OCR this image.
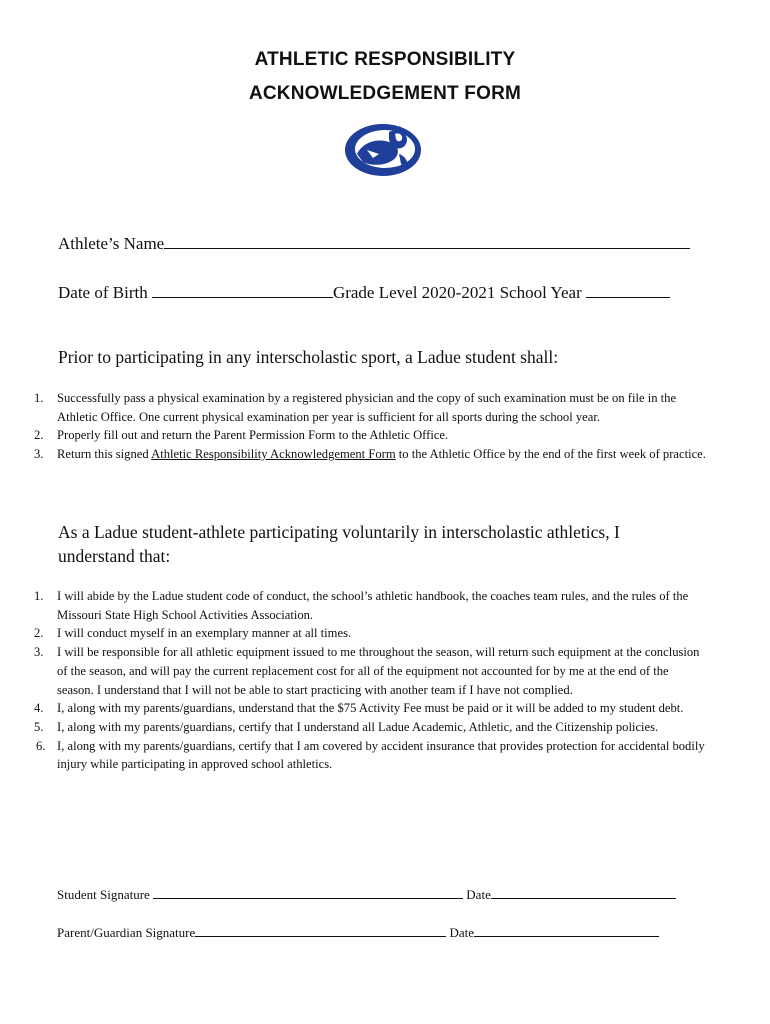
ATHLETIC RESPONSIBILITY
ACKNOWLEDGEMENT FORM
Athlete’s Name
Date of Birth	Grade Level 2020-2021 School Year
Prior to participating in any interscholastic sport, a Ladue student shall:
1. Successfully pass a physical examination by a registered physician and the copy of such examination must be on file in the Athletic Office. One current physical examination per year is sufficient for all sports during the school year.
2. Properly fill out and return the Parent Permission Form to the Athletic Office.
3. Return this signed Athletic Responsibility Acknowledgement Form to the Athletic Office by the end of the first week of practice.
As a Ladue student-athlete participating voluntarily in interscholastic athletics, I
understand that:
1. I will abide by the Ladue student code of conduct, the school’s athletic handbook, the coaches team rules, and the rules of the Missouri State High School Activities Association.
2. I will conduct myself in an exemplary manner at all times.
3. I will be responsible for all athletic equipment issued to me throughout the season, will return such equipment at the conclusion of the season, and will pay the current replacement cost for all of the equipment not accounted for by me at the end of the season. I understand that I will not be able to start practicing with another team if I have not complied.
4. I, along with my parents/guardians, understand that the $75 Activity Fee must be paid or it will be added to my student debt.
5. I, along with my parents/guardians, certify that I understand all Ladue Academic, Athletic, and the Citizenship policies.
6. I, along with my parents/guardians, certify that I am covered by accident insurance that provides protection for accidental bodily injury while participating in approved school athletics.
Student Signature	Date
Parent/Guardian Signature	Date
